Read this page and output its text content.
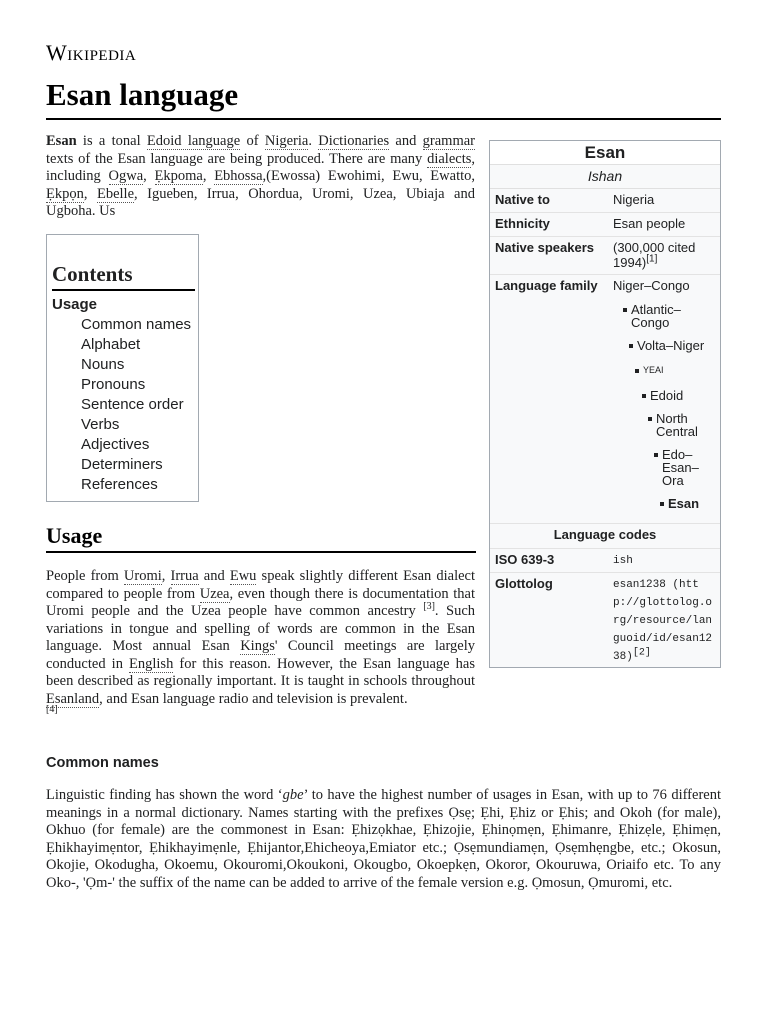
Wikipedia
Esan language
Esan is a tonal Edoid language of Nigeria. Dictionaries and grammar texts of the Esan language are being produced. There are many dialects, including Ogwa, Ẹkpoma, Ebhossa,(Ewossa) Ewohimi, Ewu, Ewatto, Ẹkpọn, Ebelle, Igueben, Irrua, Ohordua, Uromi, Uzea, Ubiaja and Ugboha. Us
Contents
Usage
Common names
Alphabet
Nouns
Pronouns
Sentence order
Verbs
Adjectives
Determiners
References
Usage
People from Uromi, Irrua and Ewu speak slightly different Esan dialect compared to people from Uzea, even though there is documentation that Uromi people and the Uzea people have common ancestry [3]. Such variations in tongue and spelling of words are common in the Esan language. Most annual Esan Kings' Council meetings are largely conducted in English for this reason. However, the Esan language has been described as regionally important. It is taught in schools throughout Esanland, and Esan language radio and television is prevalent.
[4]
Common names
Linguistic finding has shown the word ‘gbe’ to have the highest number of usages in Esan, with up to 76 different meanings in a normal dictionary. Names starting with the prefixes Ọsẹ; Ẹhi, Ẹhiz or Ẹhis; and Okoh (for male), Okhuo (for female) are the commonest in Esan: Ẹhizọkhae, Ẹhizojie, Ẹhinọmẹn, Ẹhimanre, Ẹhizẹle, Ẹhimẹn, Ẹhikhayimẹntor, Ẹhikhayimẹnle, Ẹhijantor,Ehicheoya,Emiator etc.; Ọsẹmundiamẹn, Ọsẹmhẹngbe, etc.; Okosun, Okojie, Okodugha, Okoemu, Okouromi,Okoukoni, Okougbo, Okoepkẹn, Okoror, Okouruwa, Oriaifo etc. To any Oko-, 'Ọm-' the suffix of the name can be added to arrive of the female version e.g. Ọmosun, Ọmuromi, etc.
Esan
Ishan
Native to	Nigeria
Ethnicity	Esan people
Native speakers	(300,000 cited 1994)[1]
Language family	Niger–Congo
Atlantic–Congo
Volta–Niger
YEAI
Edoid
North Central
Edo–Esan–Ora
Esan
Language codes
ISO 639-3	ish
Glottolog	esan1238 (http://glottolog.org/resource/languoid/id/esan1238)[2]
